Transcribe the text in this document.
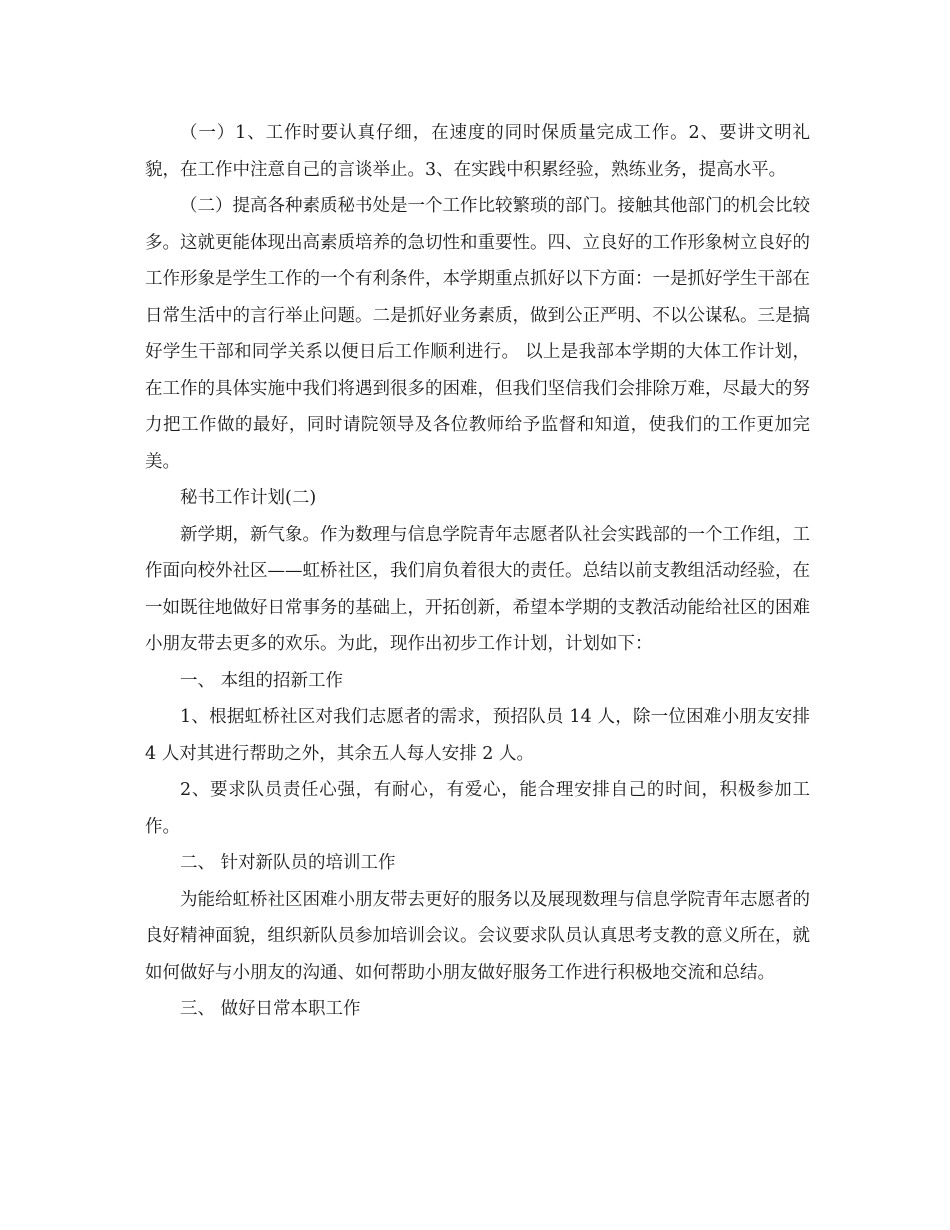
（一）1、工作时要认真仔细，在速度的同时保质量完成工作。2、要讲文明礼貌，在工作中注意自己的言谈举止。3、在实践中积累经验，熟练业务，提高水平。

（二）提高各种素质秘书处是一个工作比较繁琐的部门。接触其他部门的机会比较多。这就更能体现出高素质培养的急切性和重要性。四、立良好的工作形象树立良好的工作形象是学生工作的一个有利条件，本学期重点抓好以下方面：一是抓好学生干部在日常生活中的言行举止问题。二是抓好业务素质，做到公正严明、不以公谋私。三是搞好学生干部和同学关系以便日后工作顺利进行。 以上是我部本学期的大体工作计划，在工作的具体实施中我们将遇到很多的困难，但我们坚信我们会排除万难，尽最大的努力把工作做的最好，同时请院领导及各位教师给予监督和知道，使我们的工作更加完美。

秘书工作计划(二)

新学期，新气象。作为数理与信息学院青年志愿者队社会实践部的一个工作组，工作面向校外社区——虹桥社区，我们肩负着很大的责任。总结以前支教组活动经验，在一如既往地做好日常事务的基础上，开拓创新，希望本学期的支教活动能给社区的困难小朋友带去更多的欢乐。为此，现作出初步工作计划，计划如下：

一、 本组的招新工作

1、根据虹桥社区对我们志愿者的需求，预招队员 14 人，除一位困难小朋友安排 4 人对其进行帮助之外，其余五人每人安排 2 人。

2、要求队员责任心强，有耐心，有爱心，能合理安排自己的时间，积极参加工作。

二、 针对新队员的培训工作

为能给虹桥社区困难小朋友带去更好的服务以及展现数理与信息学院青年志愿者的良好精神面貌，组织新队员参加培训会议。会议要求队员认真思考支教的意义所在，就如何做好与小朋友的沟通、如何帮助小朋友做好服务工作进行积极地交流和总结。

三、 做好日常本职工作
